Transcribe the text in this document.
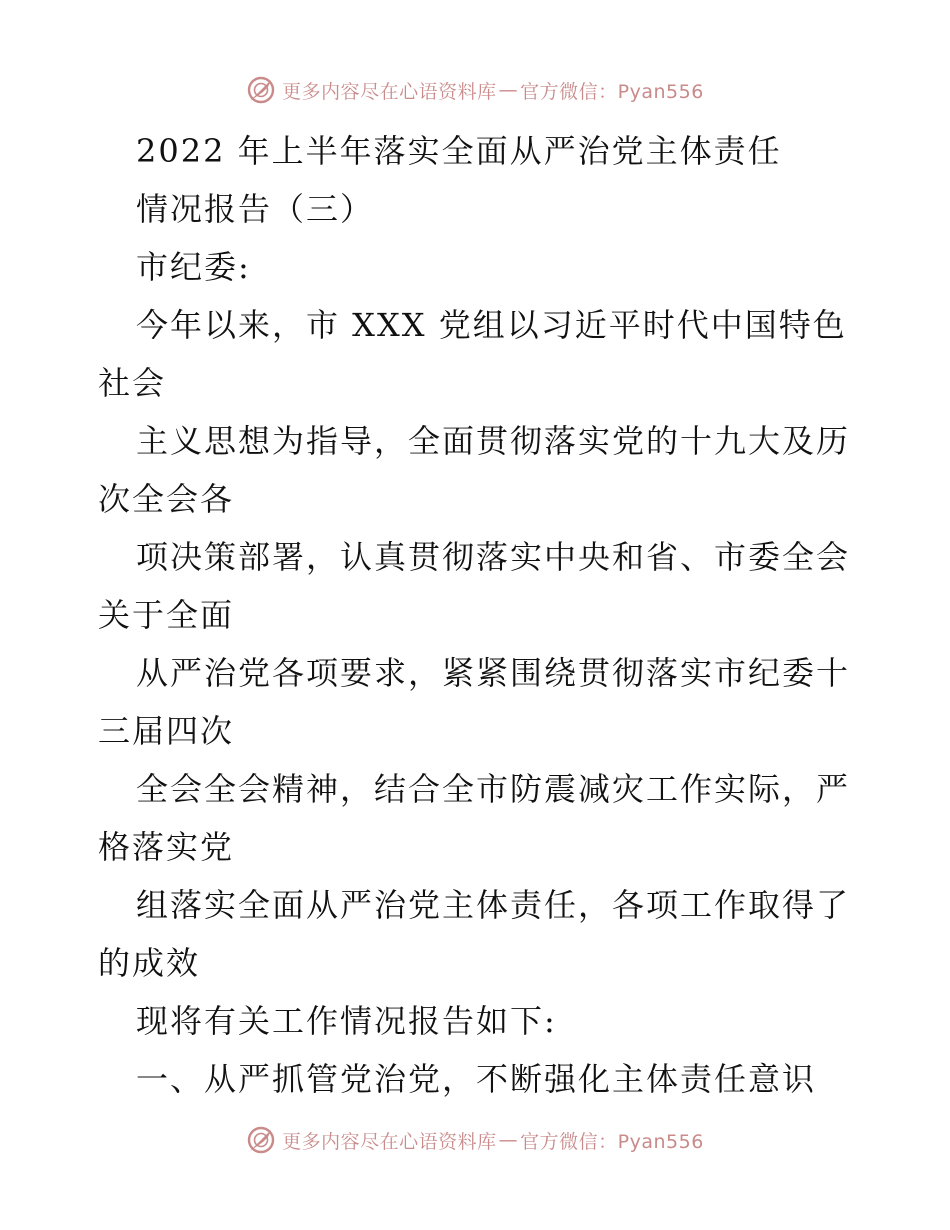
更多内容尽在心语资料库 — 官方微信：Pyan556
2022 年上半年落实全面从严治党主体责任
情况报告（三）
市纪委:
今年以来，市 XXX 党组以习近平时代中国特色
社会
主义思想为指导，全面贯彻落实党的十九大及历
次全会各
项决策部署，认真贯彻落实中央和省、市委全会
关于全面
从严治党各项要求，紧紧围绕贯彻落实市纪委十
三届四次
全会全会精神，结合全市防震减灾工作实际，严
格落实党
组落实全面从严治党主体责任，各项工作取得了
的成效
现将有关工作情况报告如下:
一、从严抓管党治党，不断强化主体责任意识
更多内容尽在心语资料库 — 官方微信：Pyan556
